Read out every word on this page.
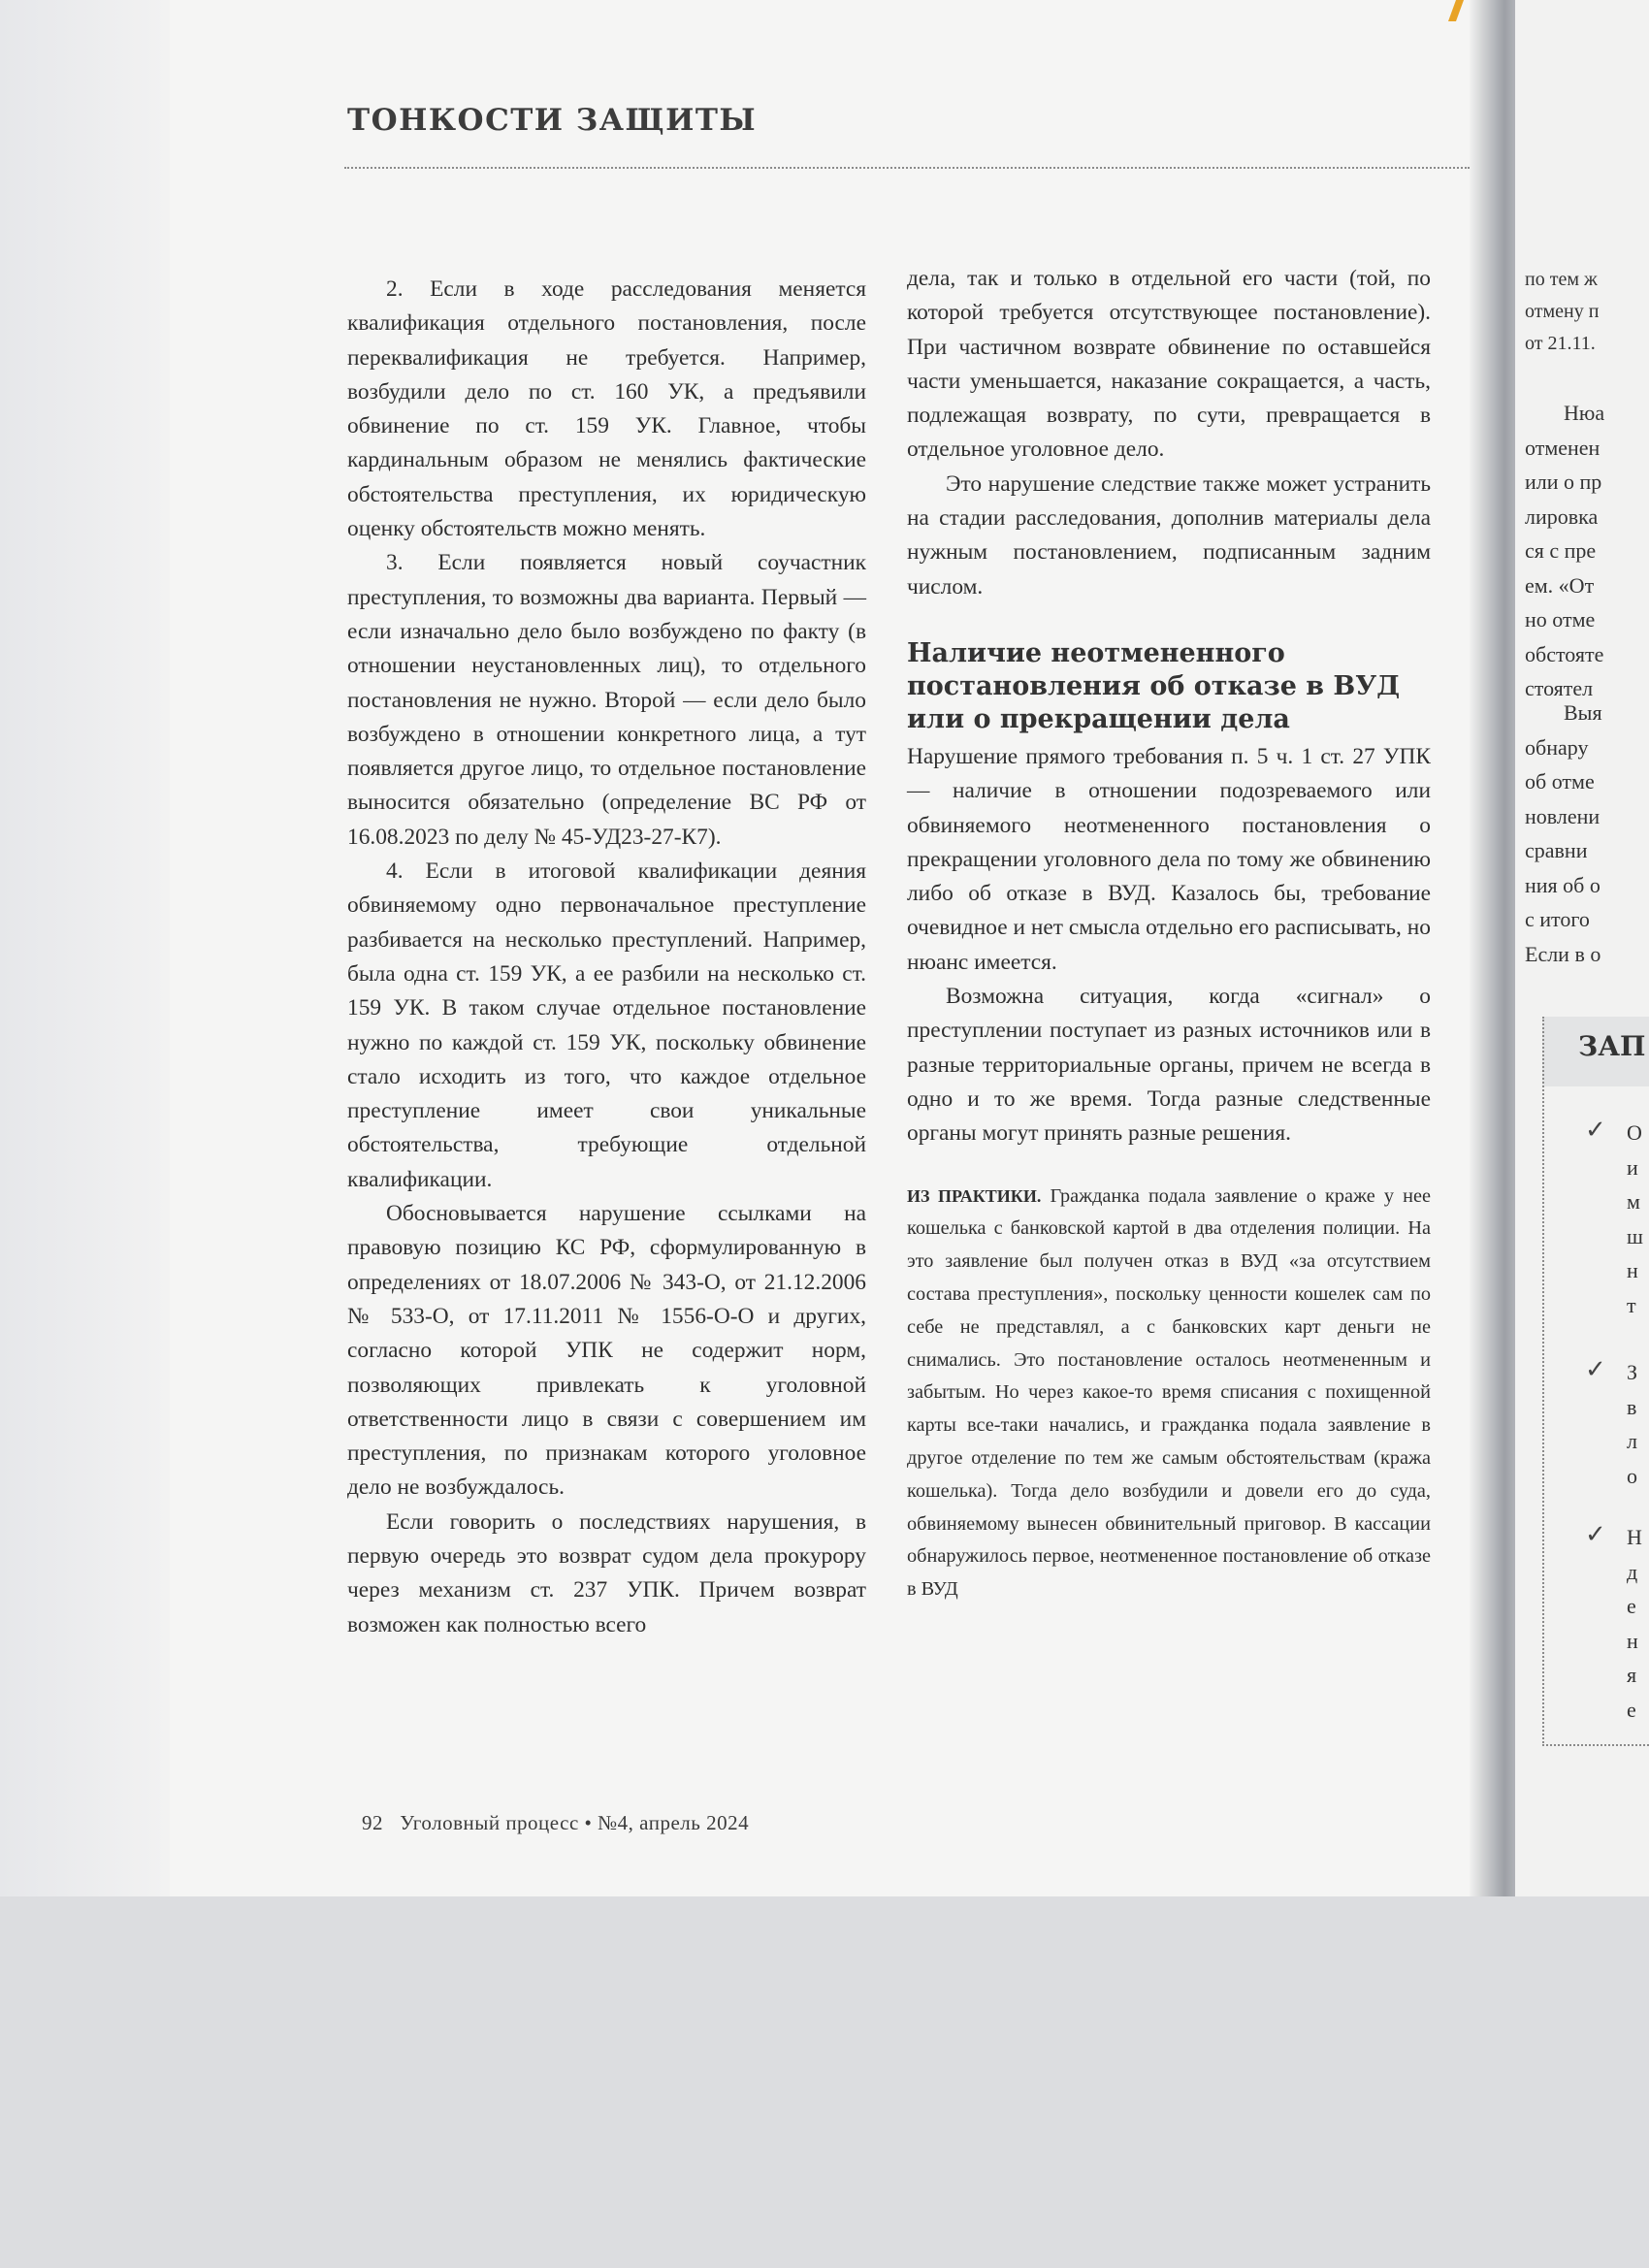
ТОНКОСТИ ЗАЩИТЫ

2. Если в ходе расследования меняется квалификация отдельного постановления, после переквалификация не требуется. Например, возбудили дело по ст. 160 УК, а предъявили обвинение по ст. 159 УК. Главное, чтобы кардинальным образом не менялись фактические обстоятельства преступления, их юридическую оценку обстоятельств можно менять.

3. Если появляется новый соучастник преступления, то возможны два варианта. Первый — если изначально дело было возбуждено по факту (в отношении неустановленных лиц), то отдельного постановления не нужно. Второй — если дело было возбуждено в отношении конкретного лица, а тут появляется другое лицо, то отдельное постановление выносится обязательно (определение ВС РФ от 16.08.2023 по делу № 45-УД23-27-К7).

4. Если в итоговой квалификации деяния обвиняемому одно первоначальное преступление разбивается на несколько преступлений. Например, была одна ст. 159 УК, а ее разбили на несколько ст. 159 УК. В таком случае отдельное постановление нужно по каждой ст. 159 УК, поскольку обвинение стало исходить из того, что каждое отдельное преступление имеет свои уникальные обстоятельства, требующие отдельной квалификации.

Обосновывается нарушение ссылками на правовую позицию КС РФ, сформулированную в определениях от 18.07.2006 № 343-О, от 21.12.2006 № 533-О, от 17.11.2011 № 1556-О-О и других, согласно которой УПК не содержит норм, позволяющих привлекать к уголовной ответственности лицо в связи с совершением им преступления, по признакам которого уголовное дело не возбуждалось.

Если говорить о последствиях нарушения, в первую очередь это возврат судом дела прокурору через механизм ст. 237 УПК. Причем возврат возможен как полностью всего

дела, так и только в отдельной его части (той, по которой требуется отсутствующее постановление). При частичном возврате обвинение по оставшейся части уменьшается, наказание сокращается, а часть, подлежащая возврату, по сути, превращается в отдельное уголовное дело.

Это нарушение следствие также может устранить на стадии расследования, дополнив материалы дела нужным постановлением, подписанным задним числом.

Наличие неотмененного постановления об отказе в ВУД или о прекращении дела

Нарушение прямого требования п. 5 ч. 1 ст. 27 УПК — наличие в отношении подозреваемого или обвиняемого неотмененного постановления о прекращении уголовного дела по тому же обвинению либо об отказе в ВУД. Казалось бы, требование очевидное и нет смысла отдельно его расписывать, но нюанс имеется.

Возможна ситуация, когда «сигнал» о преступлении поступает из разных источников или в разные территориальные органы, причем не всегда в одно и то же время. Тогда разные следственные органы могут принять разные решения.

ИЗ ПРАКТИКИ. Гражданка подала заявление о краже у нее кошелька с банковской картой в два отделения полиции. На это заявление был получен отказ в ВУД «за отсутствием состава преступления», поскольку ценности кошелек сам по себе не представлял, а с банковских карт деньги не снимались. Это постановление осталось неотмененным и забытым. Но через какое-то время списания с похищенной карты все-таки начались, и гражданка подала заявление в другое отделение по тем же самым обстоятельствам (кража кошелька). Тогда дело возбудили и довели его до суда, обвиняемому вынесен обвинительный приговор. В кассации обнаружилось первое, неотмененное постановление об отказе в ВУД
92 Уголовный процесс • №4, апрель 2024
по тем ж
отмену п
от 21.11.
Нюа
отменен
или о пр
лировка
ся с пре
ем. «От
но отме
обстояте
стоятел
Выя
обнару
об отме
новлени
сравни
ния об о
с итого
Если в о
ЗАП
✓ О
и
м
ш
н
т
✓ З
в
л
о
✓ Н
д
е
н
я
е
